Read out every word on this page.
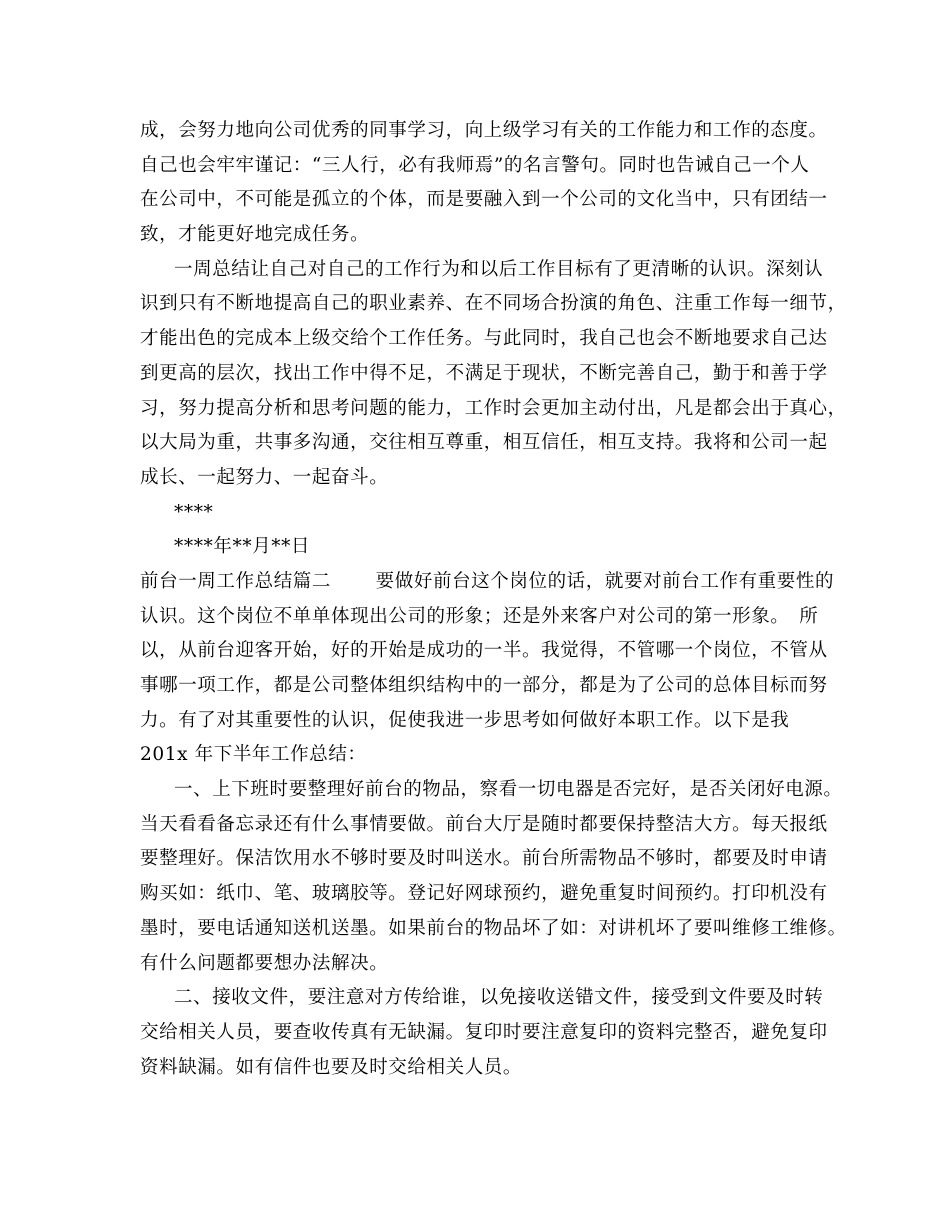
成，会努力地向公司优秀的同事学习，向上级学习有关的工作能力和工作的态度。
自己也会牢牢谨记：“三人行，必有我师焉”的名言警句。同时也告诫自己一个人
在公司中，不可能是孤立的个体，而是要融入到一个公司的文化当中，只有团结一
致，才能更好地完成任务。
一周总结让自己对自己的工作行为和以后工作目标有了更清晰的认识。深刻认
识到只有不断地提高自己的职业素养、在不同场合扮演的角色、注重工作每一细节，
才能出色的完成本上级交给个工作任务。与此同时，我自己也会不断地要求自己达
到更高的层次，找出工作中得不足，不满足于现状，不断完善自己，勤于和善于学
习，努力提高分析和思考问题的能力，工作时会更加主动付出，凡是都会出于真心，
以大局为重，共事多沟通，交往相互尊重，相互信任，相互支持。我将和公司一起
成长、一起努力、一起奋斗。
****
****年**月**日
前台一周工作总结篇二　　 要做好前台这个岗位的话，就要对前台工作有重要性的
认识。这个岗位不单单体现出公司的形象；还是外来客户对公司的第一形象。　所
以，从前台迎客开始，好的开始是成功的一半。我觉得，不管哪一个岗位，不管从
事哪一项工作，都是公司整体组织结构中的一部分，都是为了公司的总体目标而努
力。有了对其重要性的认识，促使我进一步思考如何做好本职工作。以下是我
201x 年下半年工作总结：
一、上下班时要整理好前台的物品，察看一切电器是否完好，是否关闭好电源。
当天看看备忘录还有什么事情要做。前台大厅是随时都要保持整洁大方。每天报纸
要整理好。保洁饮用水不够时要及时叫送水。前台所需物品不够时，都要及时申请
购买如：纸巾、笔、玻璃胶等。登记好网球预约，避免重复时间预约。打印机没有
墨时，要电话通知送机送墨。如果前台的物品坏了如：对讲机坏了要叫维修工维修。
有什么问题都要想办法解决。
二、接收文件，要注意对方传给谁，以免接收送错文件，接受到文件要及时转
交给相关人员，要查收传真有无缺漏。复印时要注意复印的资料完整否，避免复印
资料缺漏。如有信件也要及时交给相关人员。
